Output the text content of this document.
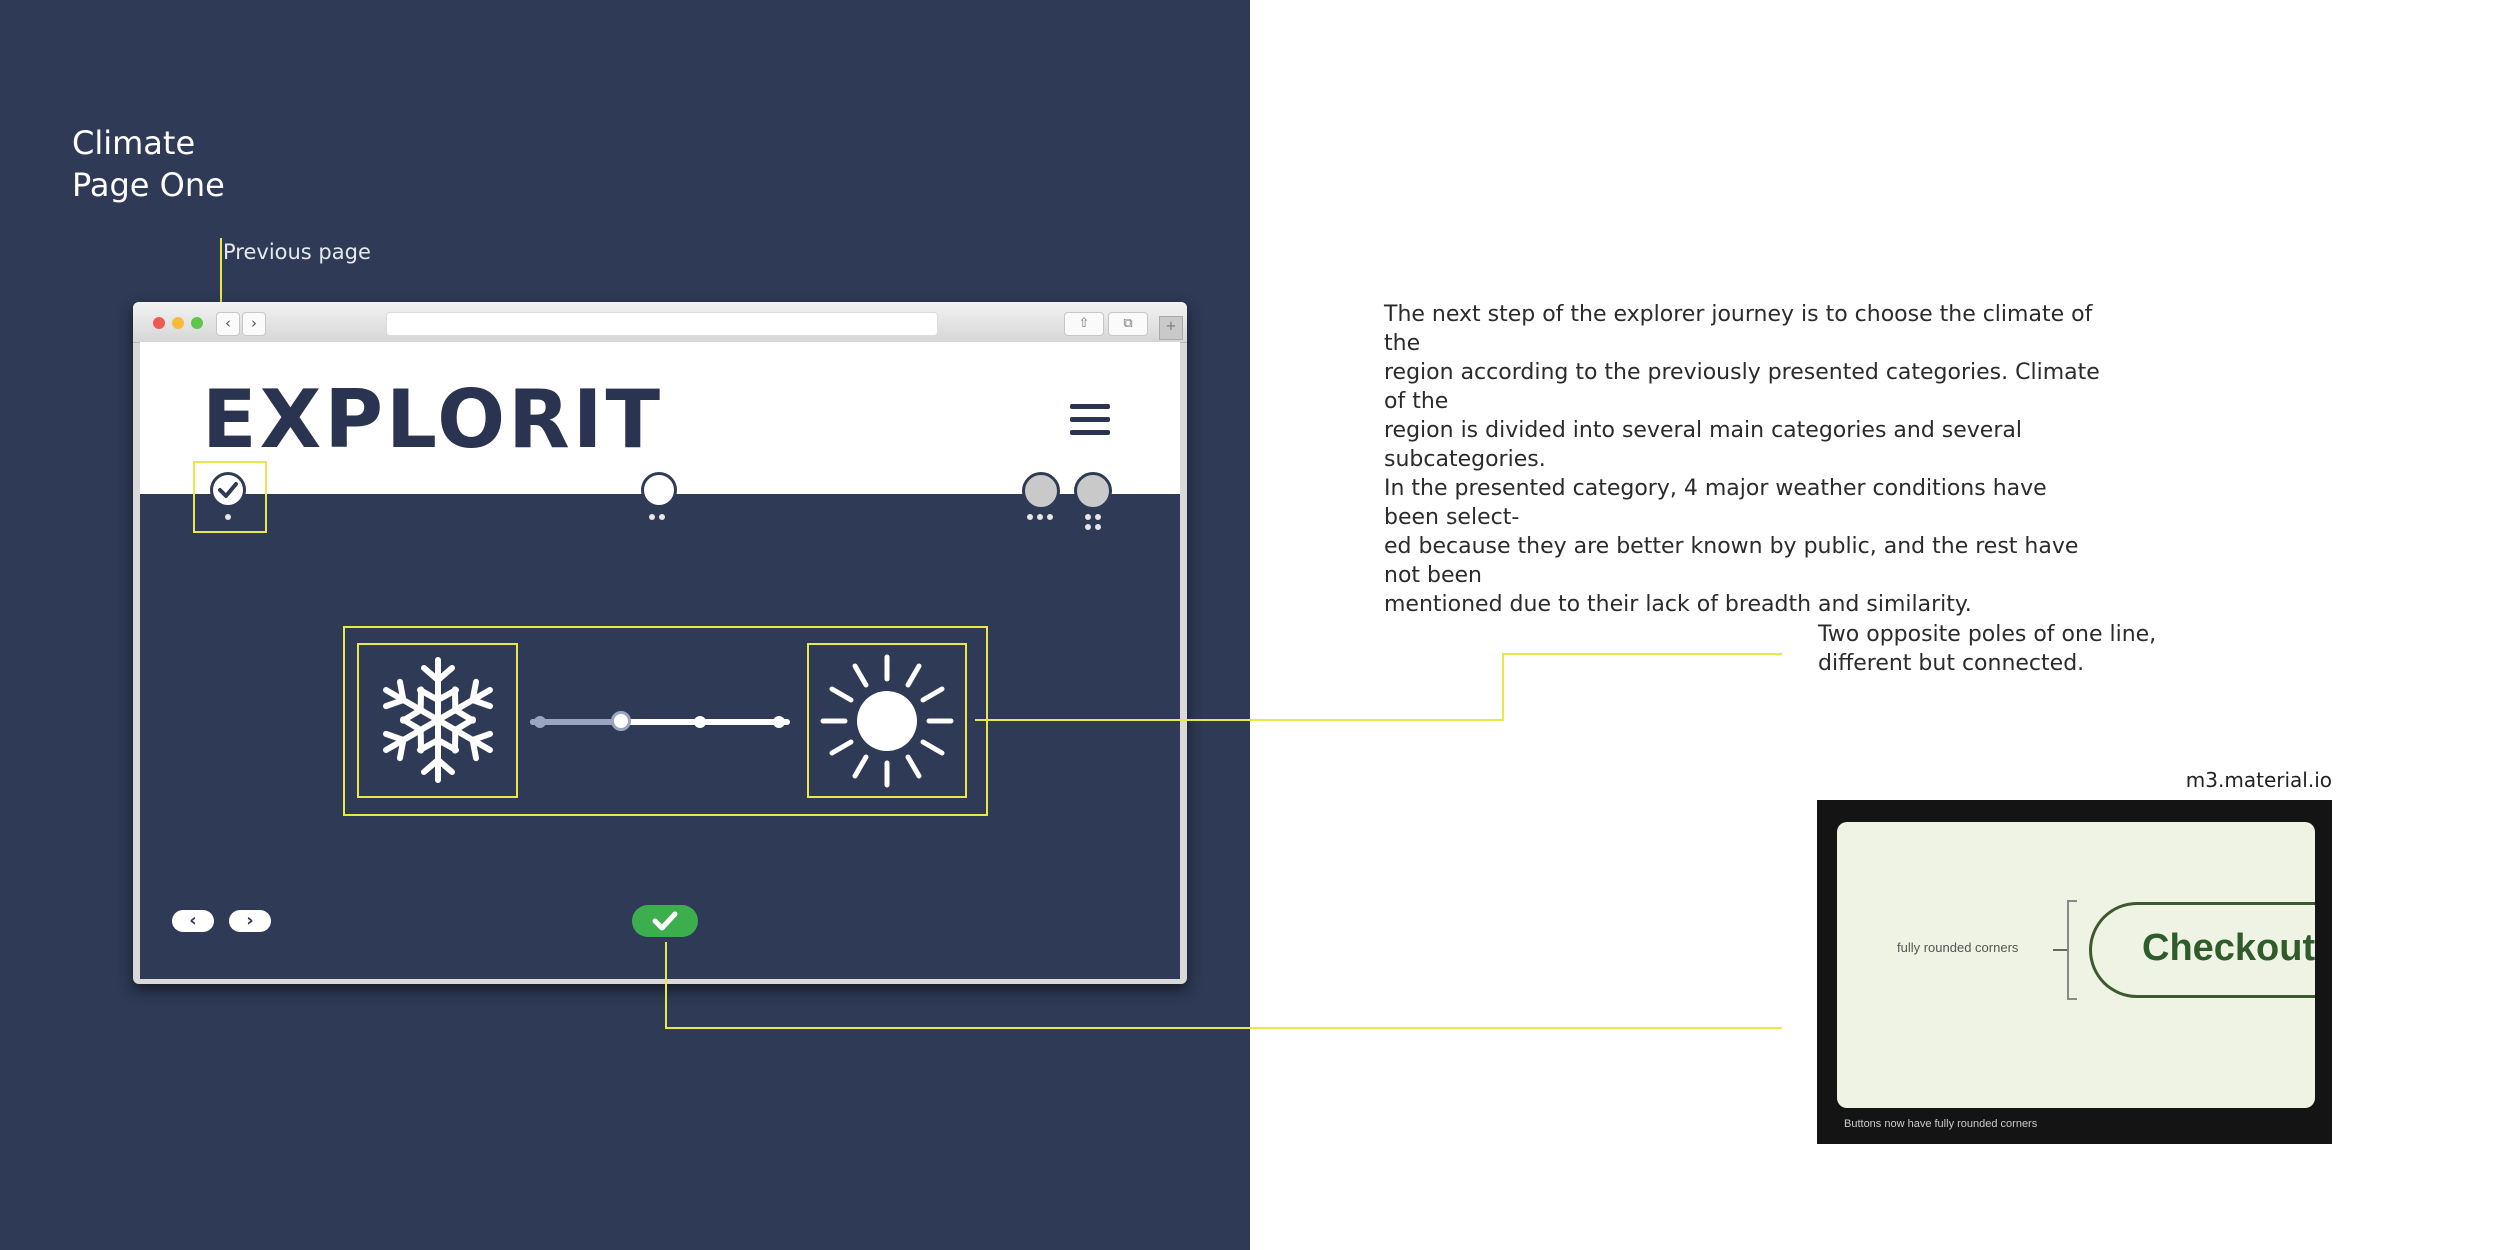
Climate
Page One
Previous page
‹	›	⇧	⧉	+
EXPLORIT
‹	›
The next step of the explorer journey is to choose the climate of the
region according to the previously presented categories. Climate of the
region is divided into several main categories and several subcategories.
In the presented category, 4 major weather conditions have been select-
ed because they are better known by public, and the rest have not been
mentioned due to their lack of breadth and similarity.
Two opposite poles of one line,
different but connected.
m3.material.io
fully rounded corners	Checkout
Buttons now have fully rounded corners
